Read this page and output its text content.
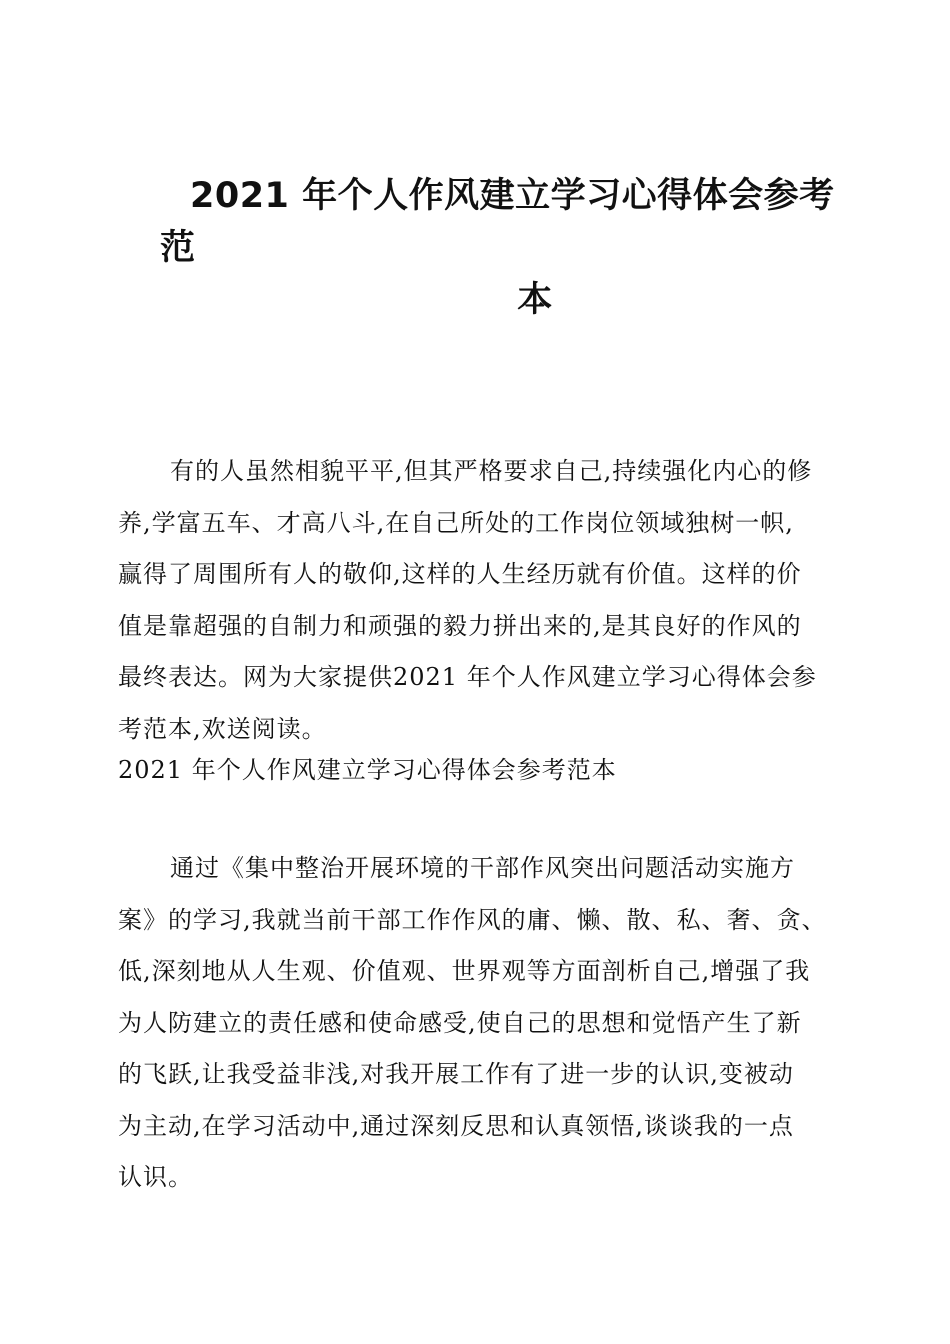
2021 年个人作风建立学习心得体会参考范
本
有的人虽然相貌平平,但其严格要求自己,持续强化内心的修
养,学富五车、才高八斗,在自己所处的工作岗位领域独树一帜,
赢得了周围所有人的敬仰,这样的人生经历就有价值。这样的价
值是靠超强的自制力和顽强的毅力拼出来的,是其良好的作风的
最终表达。网为大家提供2021 年个人作风建立学习心得体会参
考范本,欢送阅读。
2021 年个人作风建立学习心得体会参考范本
通过《集中整治开展环境的干部作风突出问题活动实施方
案》的学习,我就当前干部工作作风的庸、懒、散、私、奢、贪、
低,深刻地从人生观、价值观、世界观等方面剖析自己,增强了我
为人防建立的责任感和使命感受,使自己的思想和觉悟产生了新
的飞跃,让我受益非浅,对我开展工作有了进一步的认识,变被动
为主动,在学习活动中,通过深刻反思和认真领悟,谈谈我的一点
认识。
